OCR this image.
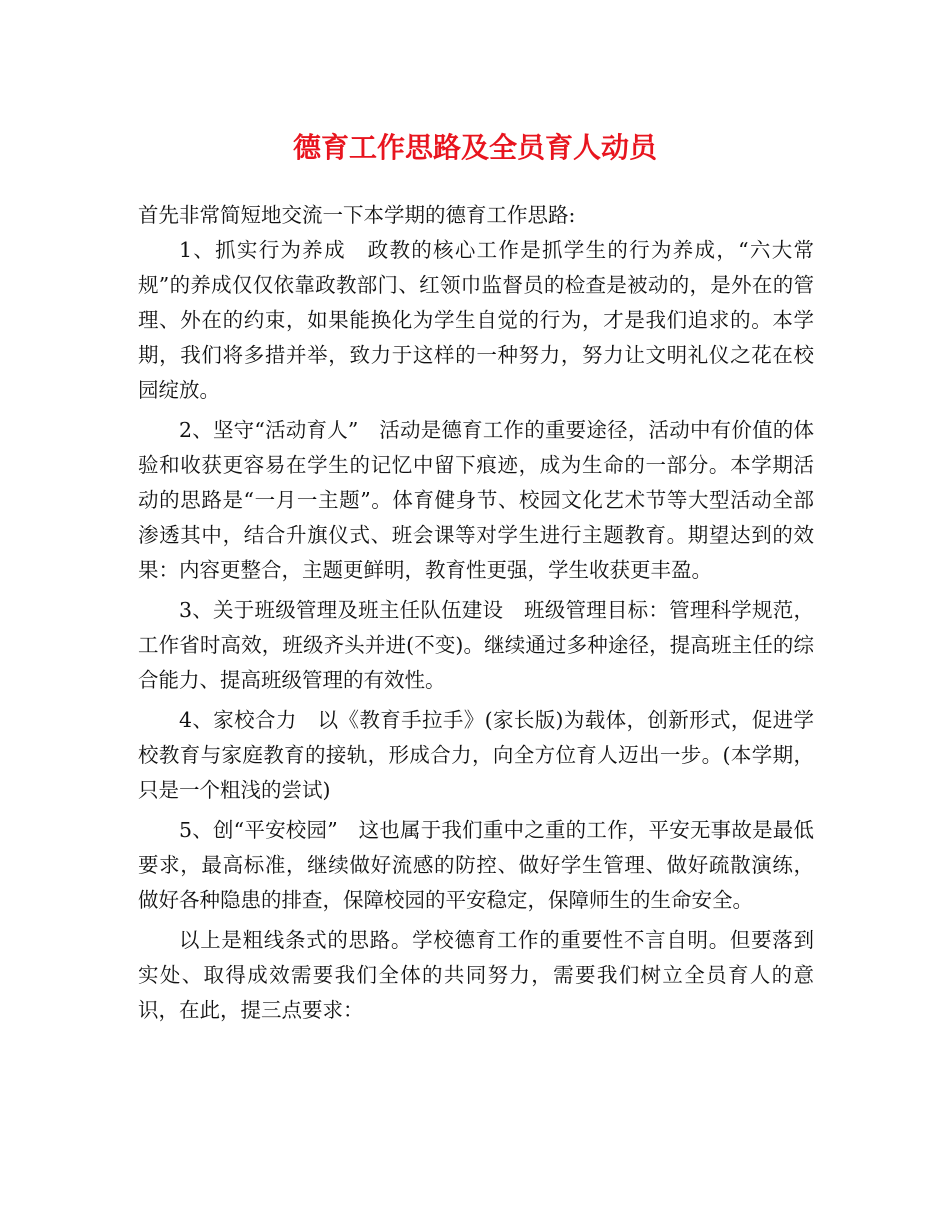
德育工作思路及全员育人动员

首先非常简短地交流一下本学期的德育工作思路:

1、抓实行为养成　政教的核心工作是抓学生的行为养成，“六大常规”的养成仅仅依靠政教部门、红领巾监督员的检查是被动的，是外在的管理、外在的约束，如果能换化为学生自觉的行为，才是我们追求的。本学期，我们将多措并举，致力于这样的一种努力，努力让文明礼仪之花在校园绽放。

2、坚守“活动育人”　活动是德育工作的重要途径，活动中有价值的体验和收获更容易在学生的记忆中留下痕迹，成为生命的一部分。本学期活动的思路是“一月一主题”。体育健身节、校园文化艺术节等大型活动全部渗透其中，结合升旗仪式、班会课等对学生进行主题教育。期望达到的效果：内容更整合，主题更鲜明，教育性更强，学生收获更丰盈。

3、关于班级管理及班主任队伍建设　班级管理目标：管理科学规范，工作省时高效，班级齐头并进(不变)。继续通过多种途径，提高班主任的综合能力、提高班级管理的有效性。

4、家校合力　以《教育手拉手》(家长版)为载体，创新形式，促进学校教育与家庭教育的接轨，形成合力，向全方位育人迈出一步。(本学期，只是一个粗浅的尝试)

5、创“平安校园”　这也属于我们重中之重的工作，平安无事故是最低要求，最高标准，继续做好流感的防控、做好学生管理、做好疏散演练，做好各种隐患的排查，保障校园的平安稳定，保障师生的生命安全。

以上是粗线条式的思路。学校德育工作的重要性不言自明。但要落到实处、取得成效需要我们全体的共同努力，需要我们树立全员育人的意识，在此，提三点要求：
